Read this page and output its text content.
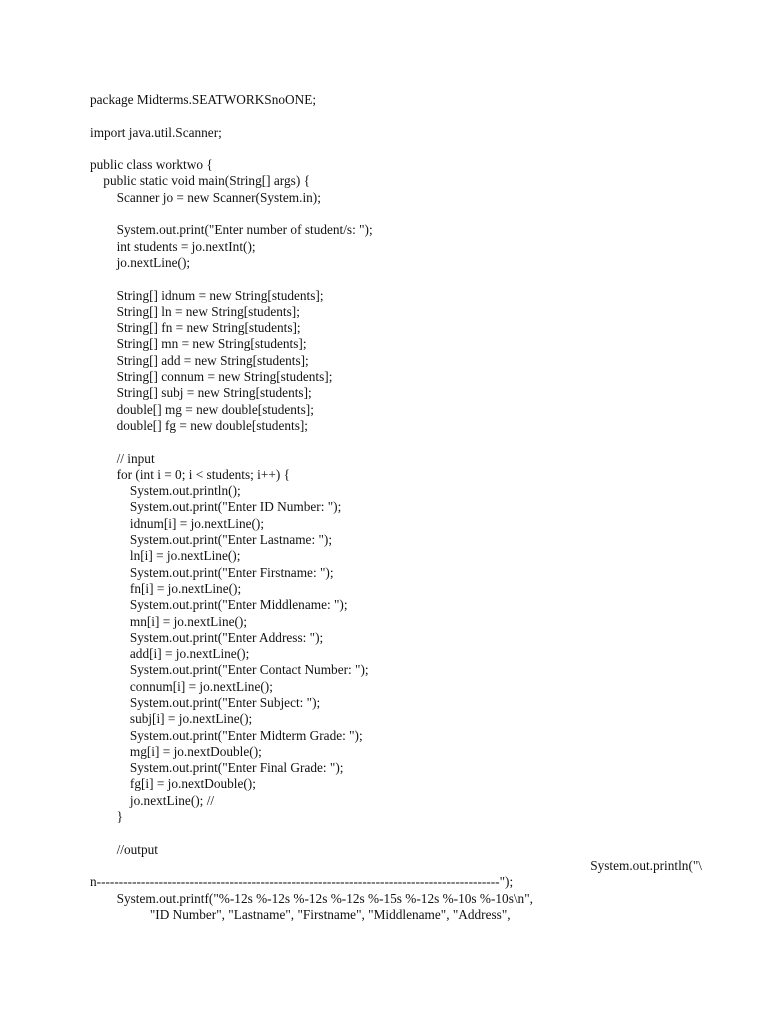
package Midterms.SEATWORKSnoONE;
import java.util.Scanner;
public class worktwo {
public static void main(String[] args) {
Scanner jo = new Scanner(System.in);
System.out.print("Enter number of student/s: ");
int students = jo.nextInt();
jo.nextLine();
String[] idnum = new String[students];
String[] ln = new String[students];
String[] fn = new String[students];
String[] mn = new String[students];
String[] add = new String[students];
String[] connum = new String[students];
String[] subj = new String[students];
double[] mg = new double[students];
double[] fg = new double[students];
// input
for (int i = 0; i < students; i++) {
System.out.println();
System.out.print("Enter ID Number: ");
idnum[i] = jo.nextLine();
System.out.print("Enter Lastname: ");
ln[i] = jo.nextLine();
System.out.print("Enter Firstname: ");
fn[i] = jo.nextLine();
System.out.print("Enter Middlename: ");
mn[i] = jo.nextLine();
System.out.print("Enter Address: ");
add[i] = jo.nextLine();
System.out.print("Enter Contact Number: ");
connum[i] = jo.nextLine();
System.out.print("Enter Subject: ");
subj[i] = jo.nextLine();
System.out.print("Enter Midterm Grade: ");
mg[i] = jo.nextDouble();
System.out.print("Enter Final Grade: ");
fg[i] = jo.nextDouble();
jo.nextLine(); //
}
//output
System.out.println("\
n-------------------------------------------------------------------------------------------");
System.out.printf("%-12s %-12s %-12s %-12s %-15s %-12s %-10s %-10s\n",
"ID Number", "Lastname", "Firstname", "Middlename", "Address",
